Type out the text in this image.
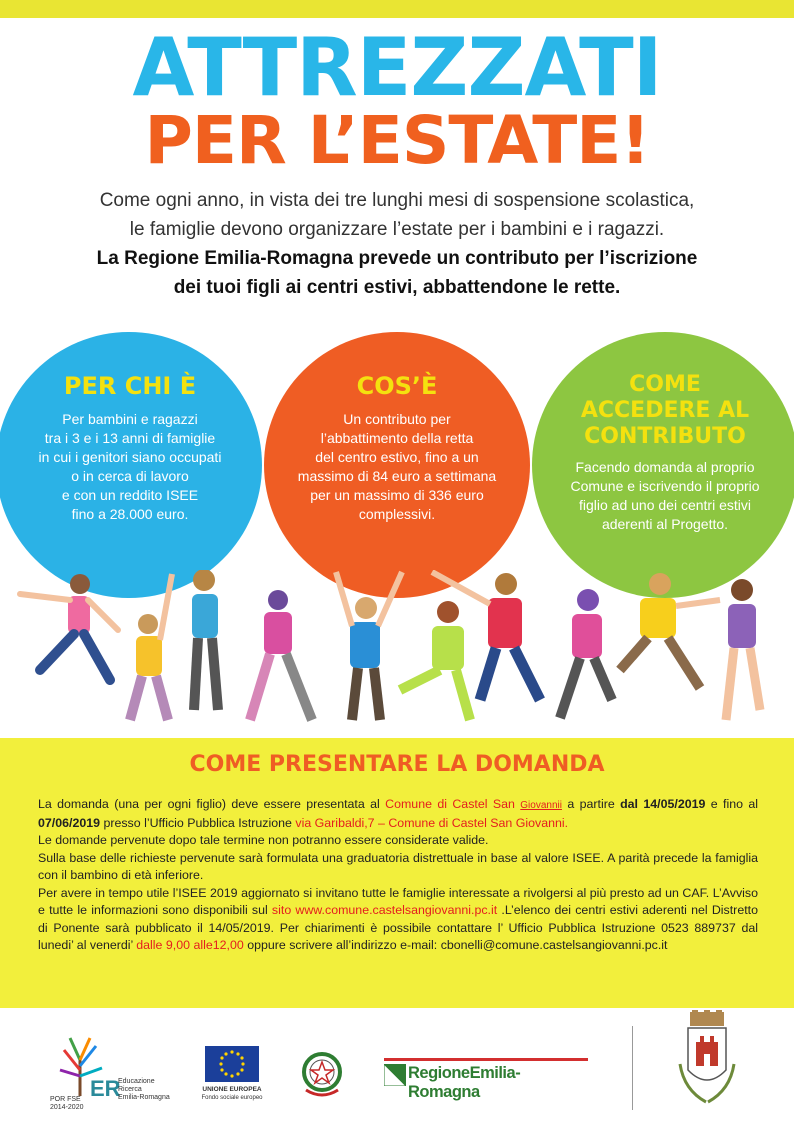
ATTREZZATI
PER L’ESTATE!
Come ogni anno, in vista dei tre lunghi mesi di sospensione scolastica,
le famiglie devono organizzare l’estate per i bambini e i ragazzi.
La Regione Emilia-Romagna prevede un contributo per l’iscrizione
dei tuoi figli ai centri estivi, abbattendone le rette.
PER CHI È
Per bambini e ragazzi
tra i 3 e i 13 anni di famiglie
in cui i genitori siano occupati
o in cerca di lavoro
e con un reddito ISEE
fino a 28.000 euro.
COS’È
Un contributo per
l’abbattimento della retta
del centro estivo, fino a un
massimo di 84 euro a settimana
per un massimo di 336 euro
complessivi.
COME
ACCEDERE AL
CONTRIBUTO
Facendo domanda al proprio
Comune e iscrivendo il proprio
figlio ad uno dei centri estivi
aderenti al Progetto.
COME PRESENTARE LA DOMANDA
La domanda (una per ogni figlio) deve essere presentata al Comune di Castel San Giovannii a partire dal 14/05/2019 e fino al 07/06/2019 presso l’Ufficio Pubblica Istruzione via Garibaldi,7 – Comune di Castel San Giovanni.
Le domande pervenute dopo tale termine non potranno essere considerate valide.
Sulla base delle richieste pervenute sarà formulata una graduatoria distrettuale in base al valore ISEE. A parità precede la famiglia con il bambino di età inferiore.
Per avere in tempo utile l’ISEE 2019 aggiornato si invitano tutte le famiglie interessate a rivolgersi al più presto ad un CAF. L’Avviso e tutte le informazioni sono disponibili sul sito www.comune.castelsangiovanni.pc.it .L’elenco dei centri estivi aderenti nel Distretto di Ponente sarà pubblicato il 14/05/2019. Per chiarimenti è possibile contattare l’ Ufficio Pubblica Istruzione 0523 889737 dal lunedi’ al venerdi’ dalle 9,00 alle12,00 oppure scrivere all’indirizzo e-mail: cbonelli@comune.castelsangiovanni.pc.it
ER
Educazione
Ricerca
Emilia-Romagna
POR FSE 2014-2020
UNIONE EUROPEA
Fondo sociale europeo
RegioneEmilia-Romagna
